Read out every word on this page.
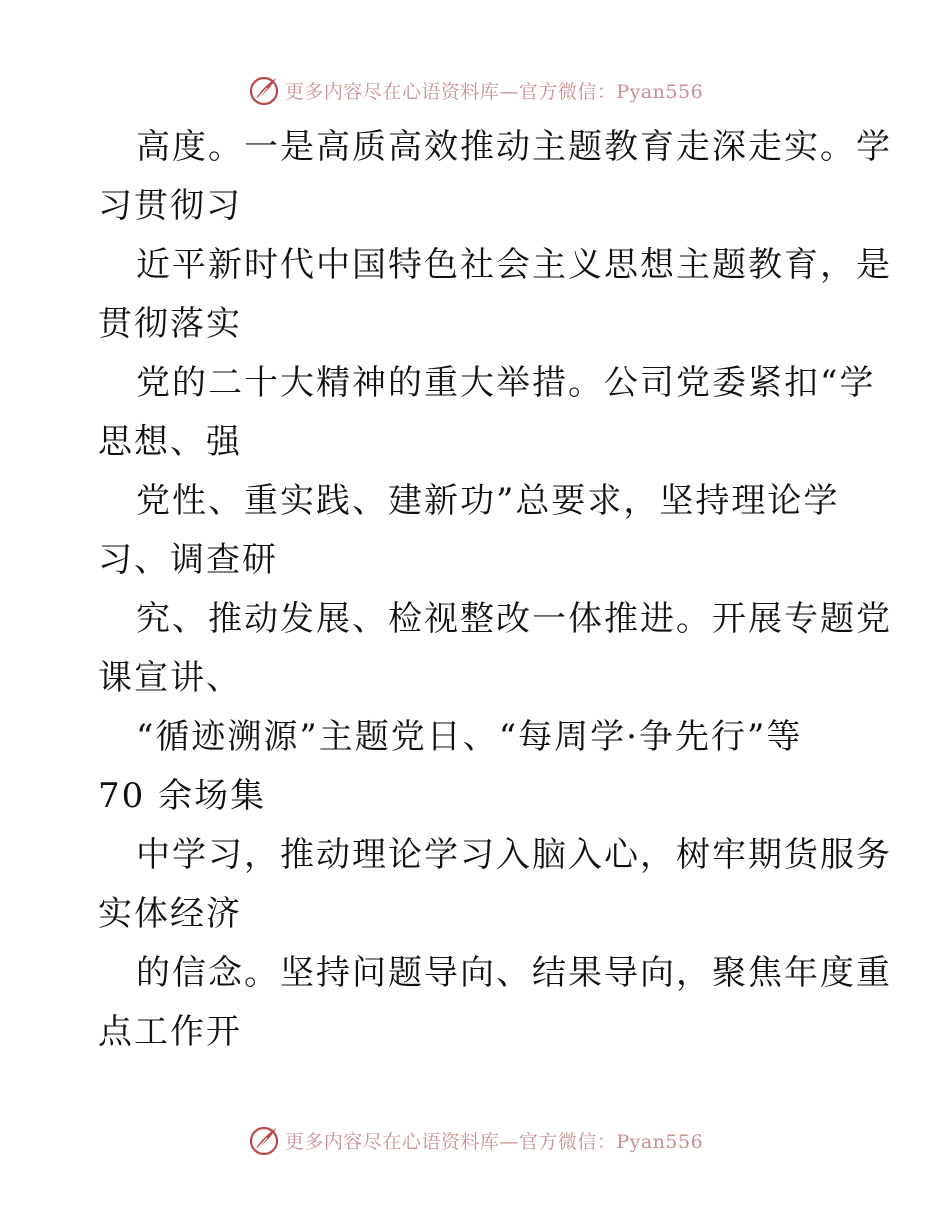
更多内容尽在心语资料库—官方微信：Pyan556
高度。一是高质高效推动主题教育走深走实。学
习贯彻习
近平新时代中国特色社会主义思想主题教育，是
贯彻落实
党的二十大精神的重大举措。公司党委紧扣“学
思想、强
党性、重实践、建新功”总要求，坚持理论学
习、调查研
究、推动发展、检视整改一体推进。开展专题党
课宣讲、
“循迹溯源”主题党日、“每周学·争先行”等
70 余场集
中学习，推动理论学习入脑入心，树牢期货服务
实体经济
的信念。坚持问题导向、结果导向，聚焦年度重
点工作开
更多内容尽在心语资料库—官方微信：Pyan556
